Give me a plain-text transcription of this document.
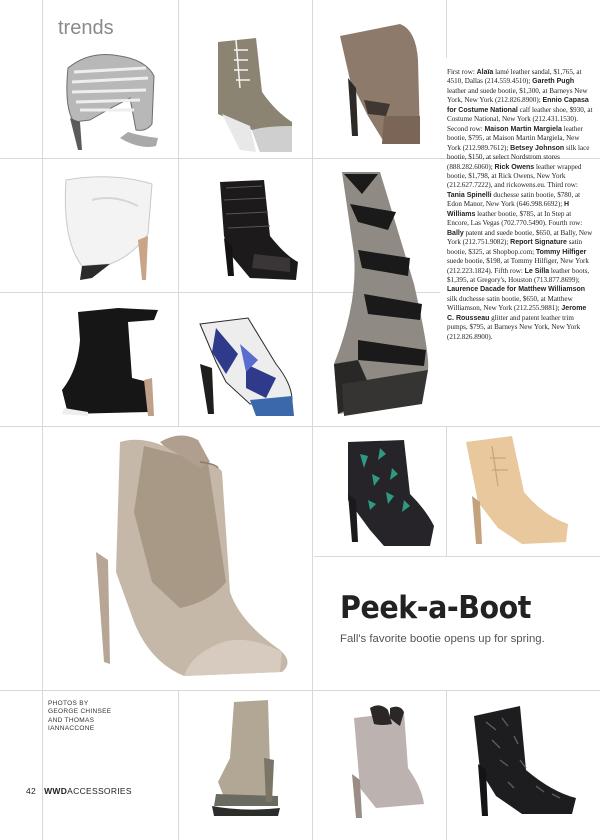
trends
First row: Alaïa lamé leather sandal, $1,765, at 4510, Dallas (214.559.4510); Gareth Pugh leather and suede bootie, $1,300, at Barneys New York, New York (212.826.8900); Ennio Capasa for Costume National calf leather shoe, $930, at Costume National, New York (212.431.1530). Second row: Maison Martin Margiela leather bootie, $795, at Maison Martin Margiela, New York (212.989.7612); Betsey Johnson silk lace bootie, $150, at select Nordstrom stores (888.282.6060); Rick Owens leather wrapped bootie, $1,798, at Rick Owens, New York (212.627.7222), and rickowens.eu. Third row: Tania Spinelli duchesse satin bootie, $780, at Edon Manor, New York (646.998.6692); H Williams leather bootie, $785, at In Step at Encore, Las Vegas (702.770.5490). Fourth row: Bally patent and suede bootie, $650, at Bally, New York (212.751.9082); Report Signature satin bootie, $325, at Shopbop.com; Tommy Hilfiger suede bootie, $198, at Tommy Hilfiger, New York (212.223.1824). Fifth row: Le Silla leather boots, $1,395, at Gregory's, Houston (713.877.8699); Laurence Dacade for Matthew Williamson silk duchesse satin bootie, $650, at Matthew Williamson, New York (212.255.9881); Jerome C. Rousseau glitter and patent leather trim pumps, $795, at Barneys New York, New York (212.826.8900).
Peek-a-Boot
Fall's favorite bootie opens up for spring.
PHOTOS BY
GEORGE CHINSEE
AND THOMAS
IANNACCONE
42 WWDACCESSORIES
